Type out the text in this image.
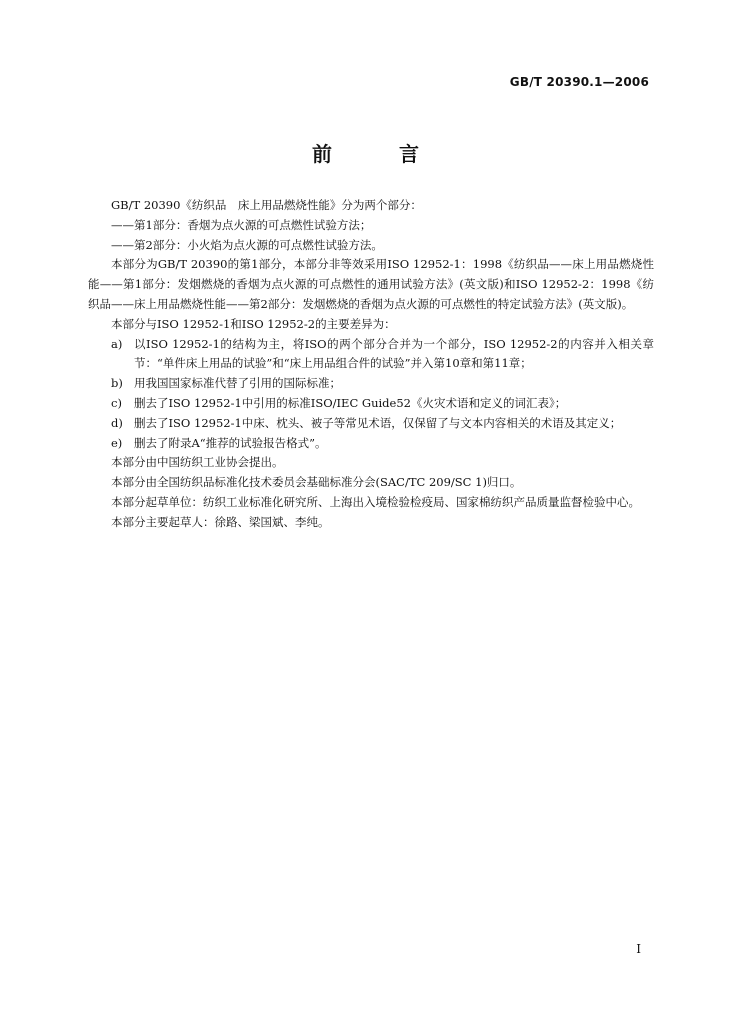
GB/T 20390.1—2006
前 言

GB/T 20390《纺织品　床上用品燃烧性能》分为两个部分：

——第1部分：香烟为点火源的可点燃性试验方法；

——第2部分：小火焰为点火源的可点燃性试验方法。

本部分为GB/T 20390的第1部分，本部分非等效采用ISO 12952-1：1998《纺织品——床上用品燃烧性能——第1部分：发烟燃烧的香烟为点火源的可点燃性的通用试验方法》(英文版)和ISO 12952-2：1998《纺织品——床上用品燃烧性能——第2部分：发烟燃烧的香烟为点火源的可点燃性的特定试验方法》(英文版)。

本部分与ISO 12952-1和ISO 12952-2的主要差异为：

a)	以ISO 12952-1的结构为主，将ISO的两个部分合并为一个部分，ISO 12952-2的内容并入相关章节：“单件床上用品的试验”和“床上用品组合件的试验”并入第10章和第11章；
b) 用我国国家标准代替了引用的国际标准；
c)	删去了ISO 12952-1中引用的标准ISO/IEC Guide52《火灾术语和定义的词汇表》；
d) 删去了ISO 12952-1中床、枕头、被子等常见术语，仅保留了与文本内容相关的术语及其定义；
e)	删去了附录A“推荐的试验报告格式”。

本部分由中国纺织工业协会提出。

本部分由全国纺织品标准化技术委员会基础标准分会(SAC/TC 209/SC 1)归口。

本部分起草单位：纺织工业标准化研究所、上海出入境检验检疫局、国家棉纺织产品质量监督检验中心。

本部分主要起草人：徐路、梁国斌、李纯。

I
